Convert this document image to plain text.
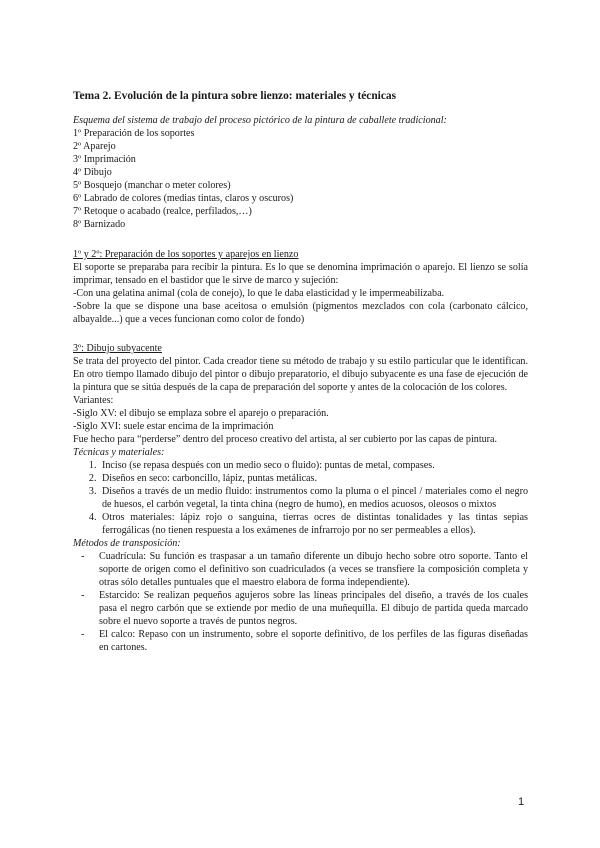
Tema 2. Evolución de la pintura sobre lienzo: materiales y técnicas

Esquema del sistema de trabajo del proceso pictórico de la pintura de caballete tradicional:

1º Preparación de los soportes

2º Aparejo

3º Imprimación

4º Dibujo

5º Bosquejo (manchar o meter colores)

6º Labrado de colores (medias tintas, claros y oscuros)

7º Retoque o acabado (realce, perfilados,…)

8º Barnizado

1º y 2º: Preparación de los soportes y aparejos en lienzo

El soporte se preparaba para recibir la pintura. Es lo que se denomina imprimación o aparejo. El lienzo se solía imprimar, tensado en el bastidor que le sirve de marco y sujeción:

-Con una gelatina animal (cola de conejo), lo que le daba elasticidad y le impermeabilizaba.

-Sobre la que se dispone una base aceitosa o emulsión (pigmentos mezclados con cola (carbonato cálcico, albayalde...) que a veces funcionan como color de fondo)

3º: Dibujo subyacente

Se trata del proyecto del pintor. Cada creador tiene su método de trabajo y su estilo particular que le identifican. En otro tiempo llamado dibujo del pintor o dibujo preparatorio, el dibujo subyacente es una fase de ejecución de la pintura que se sitúa después de la capa de preparación del soporte y antes de la colocación de los colores.

Variantes:

-Siglo XV: el dibujo se emplaza sobre el aparejo o preparación.

-Siglo XVI: suele estar encima de la imprimación

Fue hecho para “perderse” dentro del proceso creativo del artista, al ser cubierto por las capas de pintura.

Técnicas y materiales:

1. Inciso (se repasa después con un medio seco o fluido): puntas de metal, compases.
2. Diseños en seco: carboncillo, lápiz, puntas metálicas.
3. Diseños a través de un medio fluido: instrumentos como la pluma o el pincel / materiales como el negro de huesos, el carbón vegetal, la tinta china (negro de humo), en medios acuosos, oleosos o mixtos
4. Otros materiales: lápiz rojo o sanguina, tierras ocres de distintas tonalidades y las tintas sepias ferrogálicas (no tienen respuesta a los exámenes de infrarrojo por no ser permeables a ellos).

Métodos de transposición:

- Cuadrícula: Su función es traspasar a un tamaño diferente un dibujo hecho sobre otro soporte. Tanto el soporte de origen como el definitivo son cuadriculados (a veces se transfiere la composición completa y otras sólo detalles puntuales que el maestro elabora de forma independiente).
- Estarcido: Se realizan pequeños agujeros sobre las líneas principales del diseño, a través de los cuales pasa el negro carbón que se extiende por medio de una muñequilla. El dibujo de partida queda marcado sobre el nuevo soporte a través de puntos negros.
- El calco: Repaso con un instrumento, sobre el soporte definitivo, de los perfiles de las figuras diseñadas en cartones.
1
